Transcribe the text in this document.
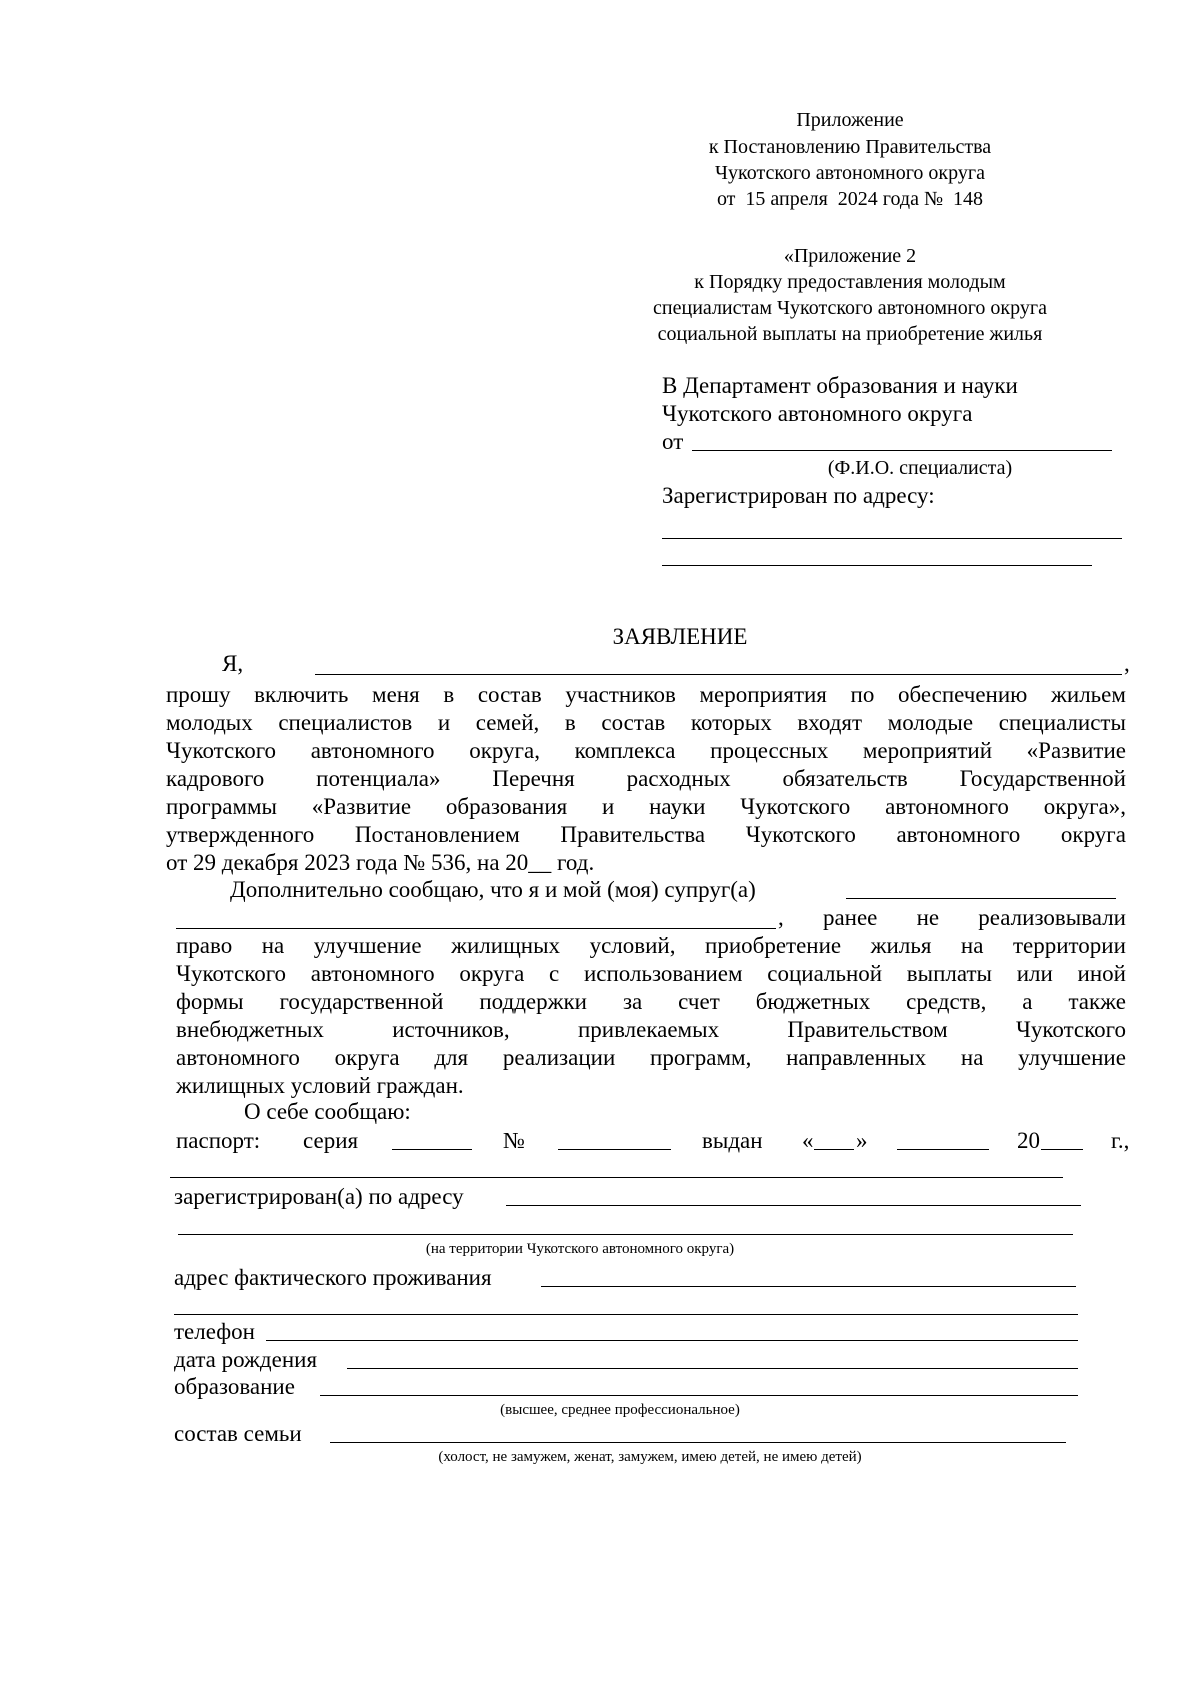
Приложение
к Постановлению Правительства
Чукотского автономного округа
от  15 апреля  2024 года №  148
«Приложение 2
к Порядку предоставления молодым
специалистам Чукотского автономного округа
социальной выплаты на приобретение жилья
В Департамент образования и науки
Чукотского автономного округа
от
(Ф.И.О. специалиста)
Зарегистрирован по адресу:
ЗАЯВЛЕНИЕ
Я,	,
прошу включить меня в состав участников мероприятия по обеспечению жильем
молодых специалистов и семей, в состав которых входят молодые специалисты
Чукотского автономного округа, комплекса процессных мероприятий «Развитие
кадрового потенциала» Перечня расходных обязательств Государственной
программы «Развитие образования и науки Чукотского автономного округа»,
утвержденного Постановлением Правительства Чукотского автономного округа
от 29 декабря 2023 года № 536, на 20__ год.
Дополнительно сообщаю, что я и мой (моя) супруг(а)
, ранее не реализовывали
право на улучшение жилищных условий, приобретение жилья на территории
Чукотского автономного округа с использованием социальной выплаты или иной
формы государственной поддержки за счет бюджетных средств, а также
внебюджетных	источников,	привлекаемых	Правительством	Чукотского
автономного округа для реализации программ, направленных на улучшение
жилищных условий граждан.
О себе сообщаю:
паспорт: серия	№	выдан « »	20	г.,
зарегистрирован(а) по адресу
(на территории Чукотского автономного округа)
адрес фактического проживания
телефон
дата рождения
образование
(высшее, среднее профессиональное)
состав семьи
(холост, не замужем, женат, замужем, имею детей, не имею детей)
